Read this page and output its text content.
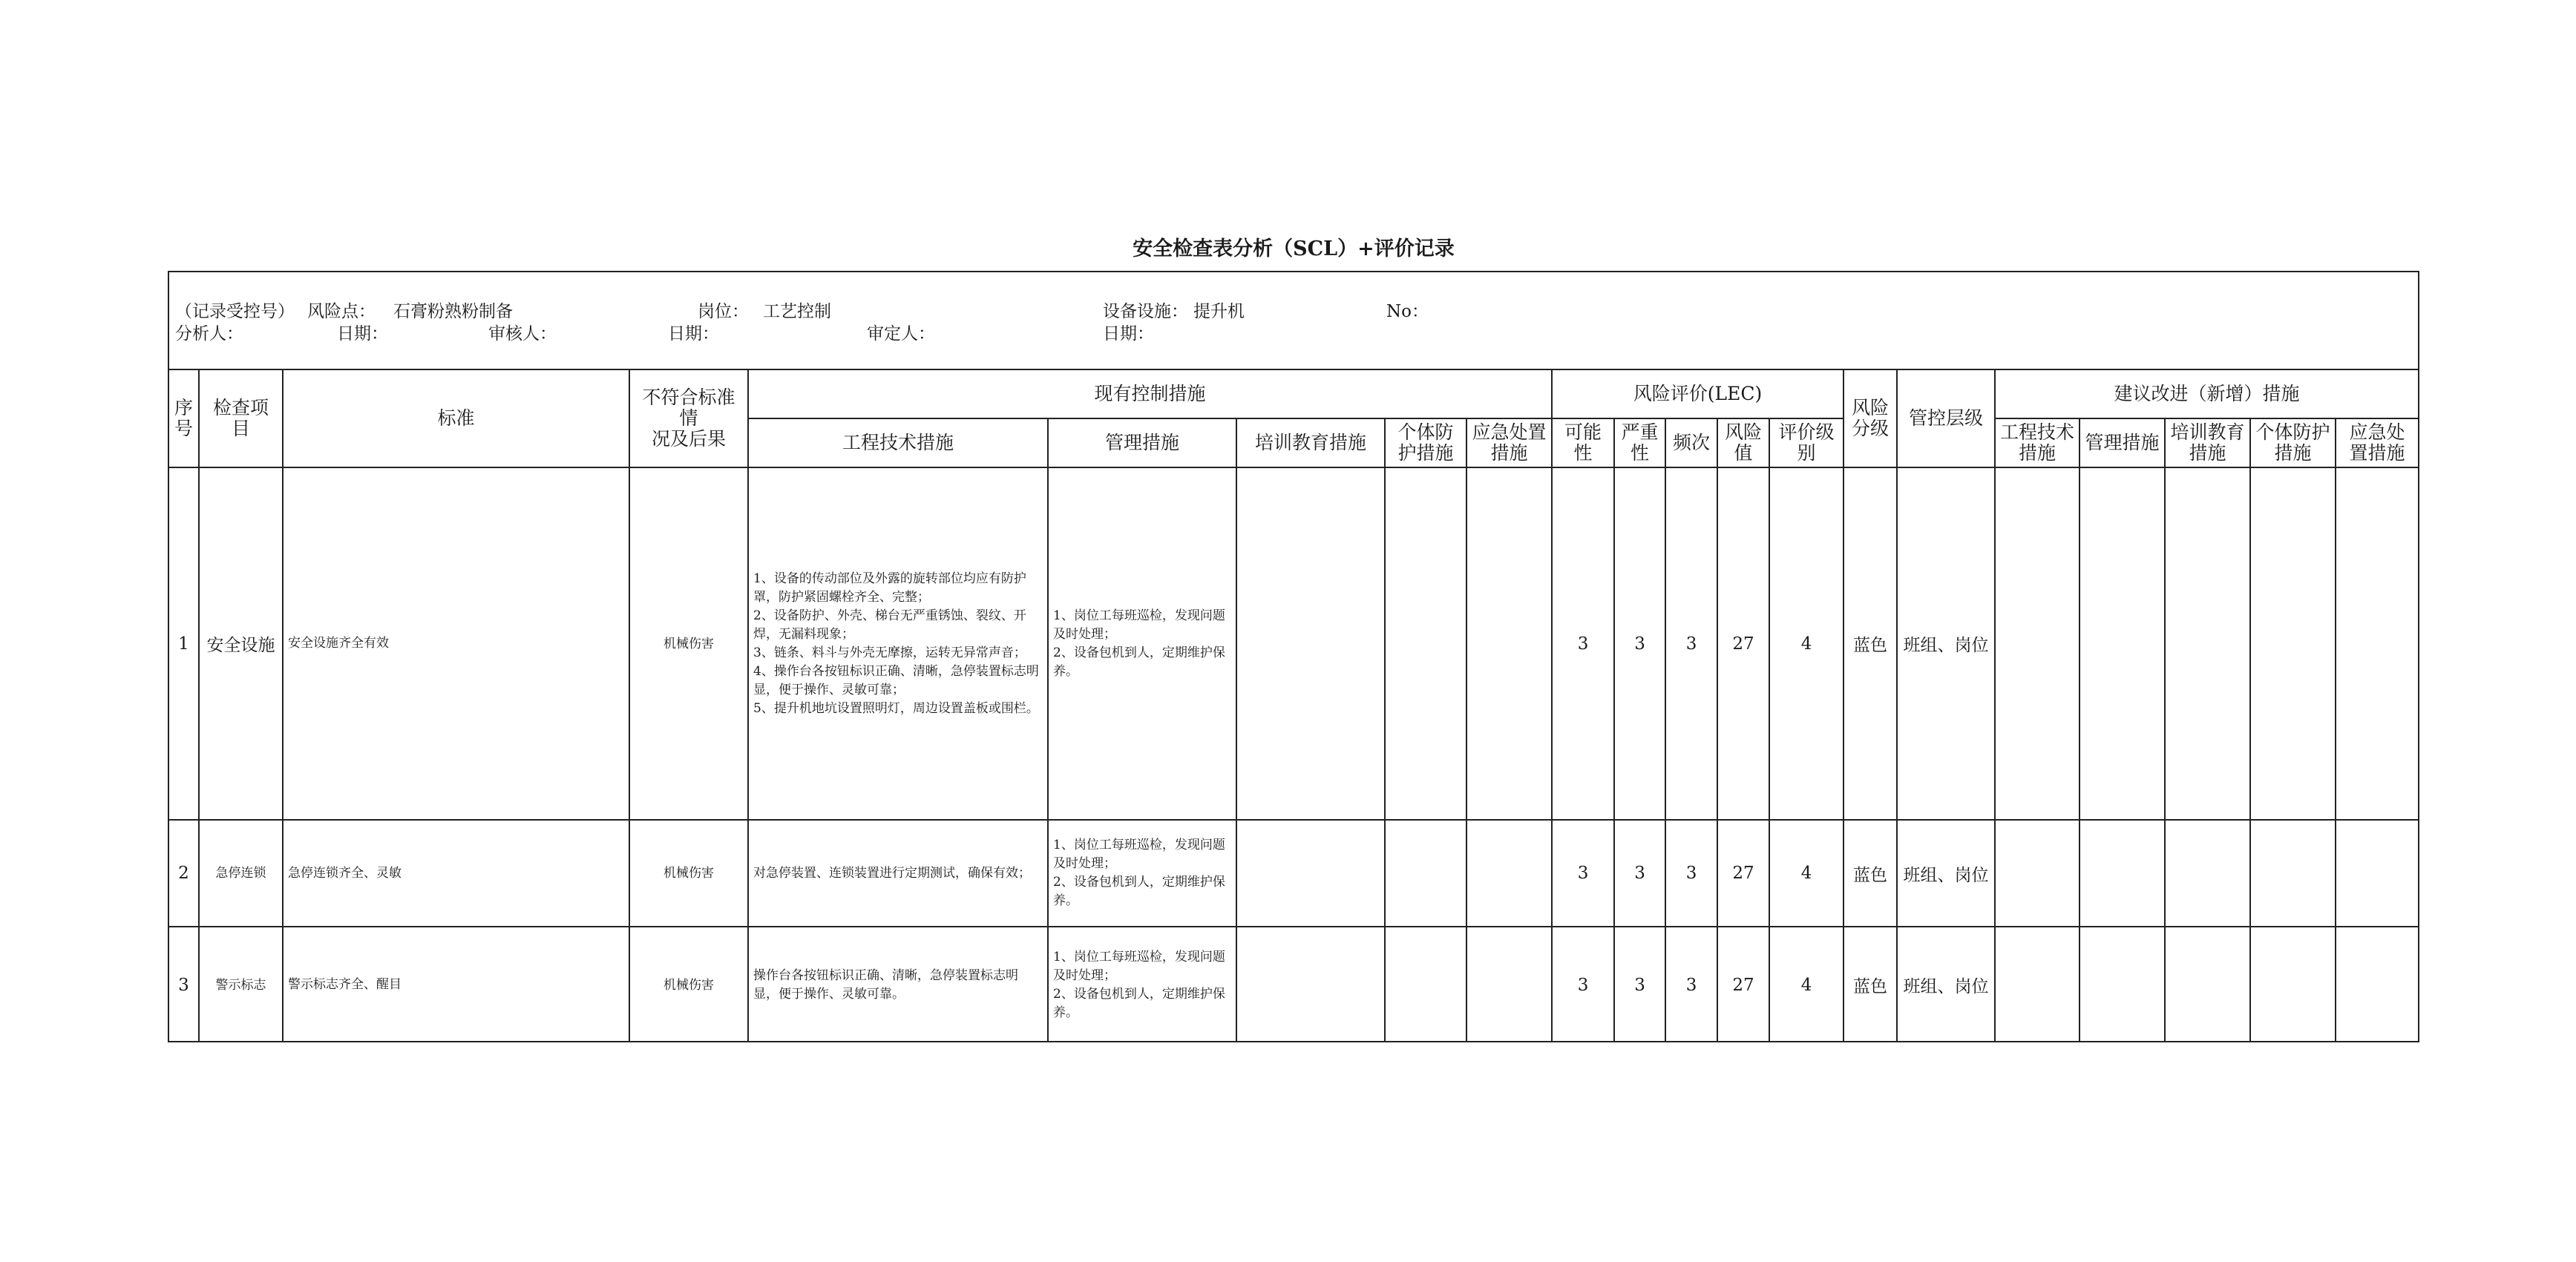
安全检查表分析（SCL）+评价记录
（记录受控号） 风险点： 石膏粉熟粉制备	岗位： 工艺控制	设备设施： 提升机	No：
分析人：	日期：	审核人：	日期：	审定人：	日期：
序号	检查项目	标准	不符合标准情
况及后果	现有控制措施					风险评价(LEC)					风险分级	管控层级	建议改进（新增）措施				
				工程技术措施	管理措施	培训教育措施	个体防护措施	应急处置措施	可能性	严重性	频次	风险值	评价级别			工程技术措施	管理措施	培训教育措施	个体防护措施	应急处置措施
1	安全设施	安全设施齐全有效	机械伤害	1、设备的传动部位及外露的旋转部位均应有防护罩，防护紧固螺栓齐全、完整；
2、设备防护、外壳、梯台无严重锈蚀、裂纹、开焊，无漏料现象；
3、链条、料斗与外壳无摩擦，运转无异常声音；
4、操作台各按钮标识正确、清晰，急停装置标志明显，便于操作、灵敏可靠；
5、提升机地坑设置照明灯，周边设置盖板或围栏。	1、岗位工每班巡检，发现问题及时处理；
2、设备包机到人，定期维护保养。				3	3	3	27	4	蓝色	班组、岗位					
2	急停连锁	急停连锁齐全、灵敏	机械伤害	对急停装置、连锁装置进行定期测试，确保有效；	1、岗位工每班巡检，发现问题及时处理；
2、设备包机到人，定期维护保养。				3	3	3	27	4	蓝色	班组、岗位					
3	警示标志	警示标志齐全、醒目	机械伤害	操作台各按钮标识正确、清晰，急停装置标志明显，便于操作、灵敏可靠。	1、岗位工每班巡检，发现问题及时处理；
2、设备包机到人，定期维护保养。				3	3	3	27	4	蓝色	班组、岗位					
